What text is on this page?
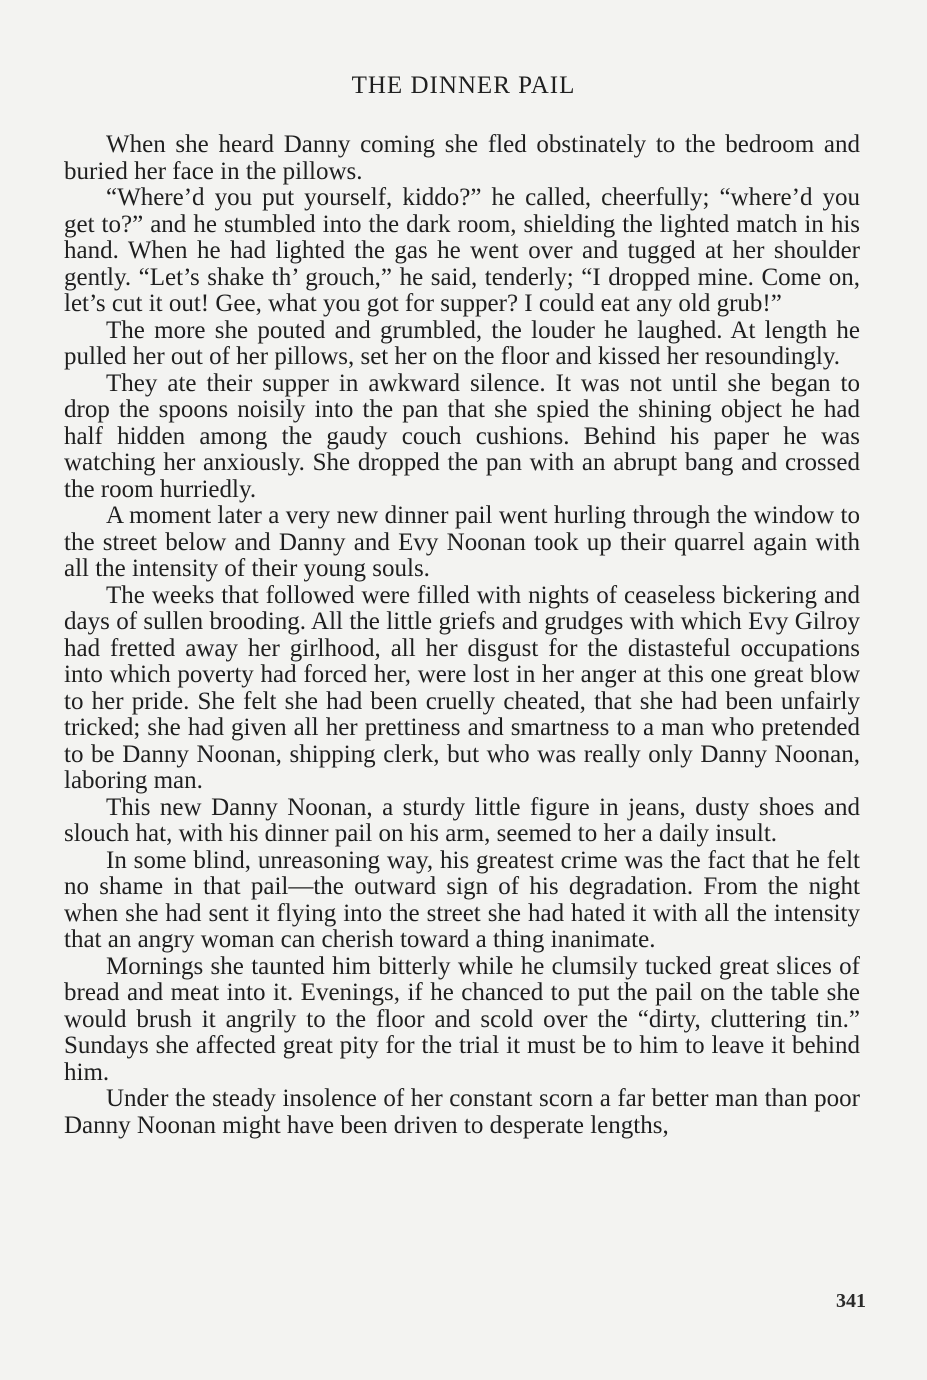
THE DINNER PAIL

When she heard Danny coming she fled obstinately to the bedroom and buried her face in the pillows.

“Where’d you put yourself, kiddo?” he called, cheerfully; “where’d you get to?” and he stumbled into the dark room, shielding the lighted match in his hand. When he had lighted the gas he went over and tugged at her shoulder gently. “Let’s shake th’ grouch,” he said, tenderly; “I dropped mine. Come on, let’s cut it out! Gee, what you got for supper? I could eat any old grub!”

The more she pouted and grumbled, the louder he laughed. At length he pulled her out of her pillows, set her on the floor and kissed her resoundingly.

They ate their supper in awkward silence. It was not until she began to drop the spoons noisily into the pan that she spied the shining object he had half hidden among the gaudy couch cushions. Behind his paper he was watching her anxiously. She dropped the pan with an abrupt bang and crossed the room hurriedly.

A moment later a very new dinner pail went hurling through the window to the street below and Danny and Evy Noonan took up their quarrel again with all the intensity of their young souls.

The weeks that followed were filled with nights of ceaseless bickering and days of sullen brooding. All the little griefs and grudges with which Evy Gilroy had fretted away her girlhood, all her disgust for the distasteful occupations into which poverty had forced her, were lost in her anger at this one great blow to her pride. She felt she had been cruelly cheated, that she had been unfairly tricked; she had given all her prettiness and smartness to a man who pretended to be Danny Noonan, shipping clerk, but who was really only Danny Noonan, laboring man.

This new Danny Noonan, a sturdy little figure in jeans, dusty shoes and slouch hat, with his dinner pail on his arm, seemed to her a daily insult.

In some blind, unreasoning way, his greatest crime was the fact that he felt no shame in that pail—the outward sign of his degradation. From the night when she had sent it flying into the street she had hated it with all the intensity that an angry woman can cherish toward a thing inanimate.

Mornings she taunted him bitterly while he clumsily tucked great slices of bread and meat into it. Evenings, if he chanced to put the pail on the table she would brush it angrily to the floor and scold over the “dirty, cluttering tin.” Sundays she affected great pity for the trial it must be to him to leave it behind him.

Under the steady insolence of her constant scorn a far better man than poor Danny Noonan might have been driven to desperate lengths,

341
